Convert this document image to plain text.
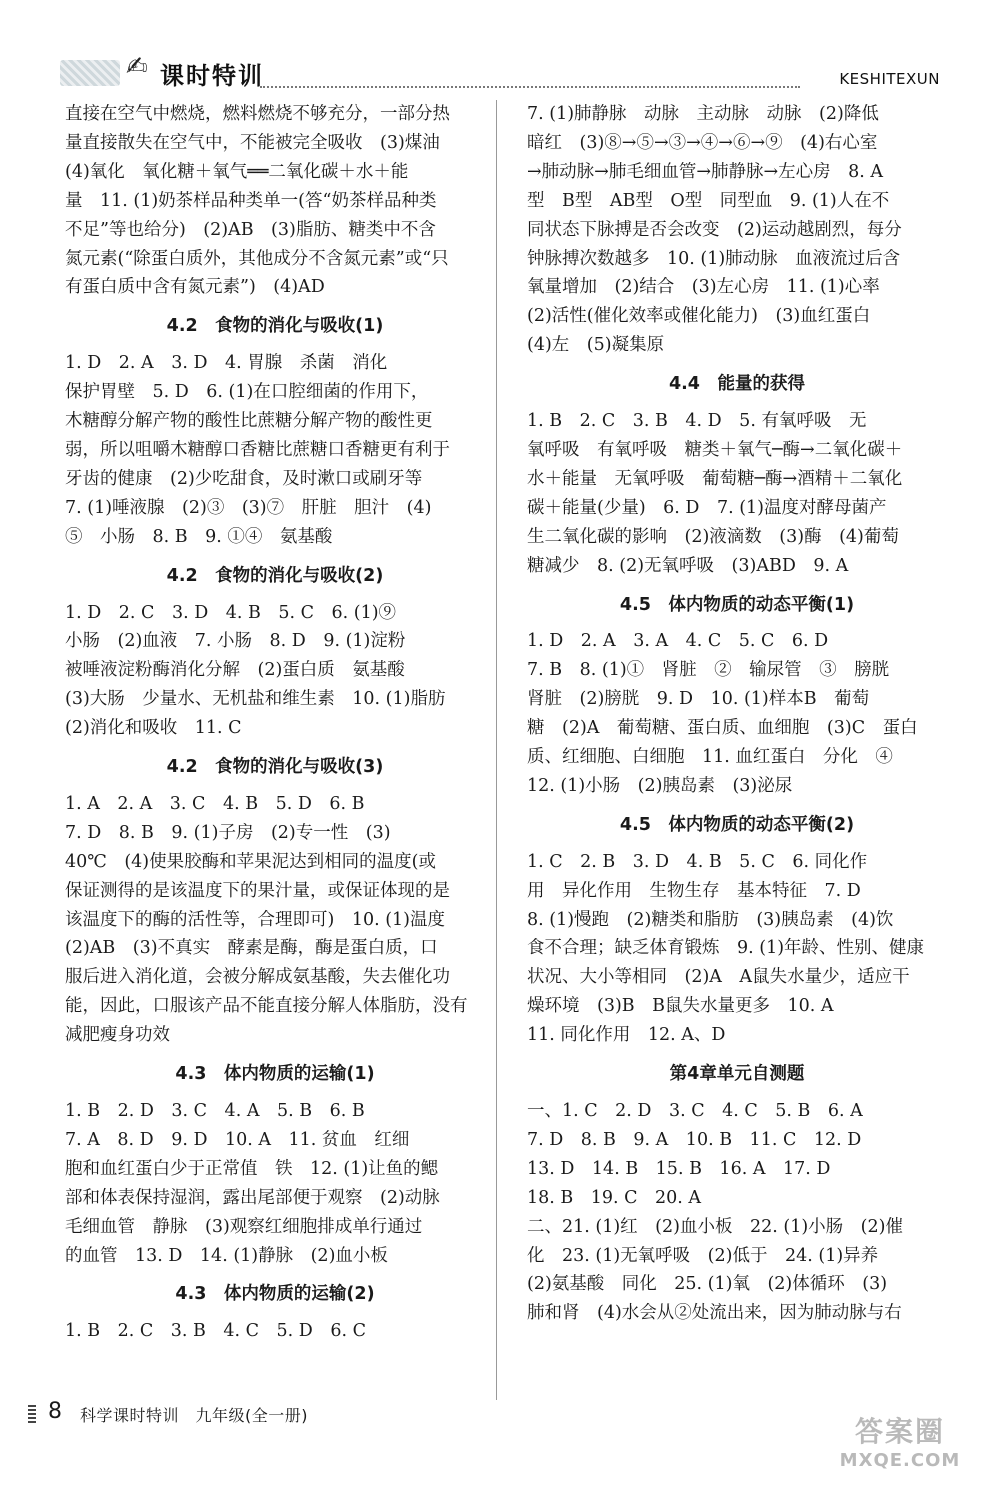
✍ 课时特训	KESHITEXUN
直接在空气中燃烧，燃料燃烧不够充分，一部分热
量直接散失在空气中，不能被完全吸收　(3)煤油
(4)氧化　氧化糖＋氧气══二氧化碳＋水＋能
量　11. (1)奶茶样品种类单一(答“奶茶样品种类
不足”等也给分)　(2)AB　(3)脂肪、糖类中不含
氮元素(“除蛋白质外，其他成分不含氮元素”或“只
有蛋白质中含有氮元素”)　(4)AD
4.2　食物的消化与吸收(1)
1. D　2. A　3. D　4. 胃腺　杀菌　消化
保护胃壁　5. D　6. (1)在口腔细菌的作用下，
木糖醇分解产物的酸性比蔗糖分解产物的酸性更
弱，所以咀嚼木糖醇口香糖比蔗糖口香糖更有利于
牙齿的健康　(2)少吃甜食，及时漱口或刷牙等
7. (1)唾液腺　(2)③　(3)⑦　肝脏　胆汁　(4)
⑤　小肠　8. B　9. ①④　氨基酸
4.2　食物的消化与吸收(2)
1. D　2. C　3. D　4. B　5. C　6. (1)⑨
小肠　(2)血液　7. 小肠　8. D　9. (1)淀粉
被唾液淀粉酶消化分解　(2)蛋白质　氨基酸
(3)大肠　少量水、无机盐和维生素　10. (1)脂肪
(2)消化和吸收　11. C
4.2　食物的消化与吸收(3)
1. A　2. A　3. C　4. B　5. D　6. B
7. D　8. B　9. (1)子房　(2)专一性　(3)
40℃　(4)使果胶酶和苹果泥达到相同的温度(或
保证测得的是该温度下的果汁量，或保证体现的是
该温度下的酶的活性等，合理即可)　10. (1)温度
(2)AB　(3)不真实　酵素是酶，酶是蛋白质，口
服后进入消化道，会被分解成氨基酸，失去催化功
能，因此，口服该产品不能直接分解人体脂肪，没有
减肥瘦身功效
4.3　体内物质的运输(1)
1. B　2. D　3. C　4. A　5. B　6. B
7. A　8. D　9. D　10. A　11. 贫血　红细
胞和血红蛋白少于正常值　铁　12. (1)让鱼的鳃
部和体表保持湿润，露出尾部便于观察　(2)动脉
毛细血管　静脉　(3)观察红细胞排成单行通过
的血管　13. D　14. (1)静脉　(2)血小板
4.3　体内物质的运输(2)
1. B　2. C　3. B　4. C　5. D　6. C
7. (1)肺静脉　动脉　主动脉　动脉　(2)降低
暗红　(3)⑧→⑤→③→④→⑥→⑨　(4)右心室
→肺动脉→肺毛细血管→肺静脉→左心房　8. A
型　B型　AB型　O型　同型血　9. (1)人在不
同状态下脉搏是否会改变　(2)运动越剧烈，每分
钟脉搏次数越多　10. (1)肺动脉　血液流过后含
氧量增加　(2)结合　(3)左心房　11. (1)心率
(2)活性(催化效率或催化能力)　(3)血红蛋白
(4)左　(5)凝集原
4.4　能量的获得
1. B　2. C　3. B　4. D　5. 有氧呼吸　无
氧呼吸　有氧呼吸　糖类＋氧气─酶→二氧化碳＋
水＋能量　无氧呼吸　葡萄糖─酶→酒精＋二氧化
碳＋能量(少量)　6. D　7. (1)温度对酵母菌产
生二氧化碳的影响　(2)液滴数　(3)酶　(4)葡萄
糖减少　8. (2)无氧呼吸　(3)ABD　9. A
4.5　体内物质的动态平衡(1)
1. D　2. A　3. A　4. C　5. C　6. D
7. B　8. (1)①　肾脏　②　输尿管　③　膀胱
肾脏　(2)膀胱　9. D　10. (1)样本B　葡萄
糖　(2)A　葡萄糖、蛋白质、血细胞　(3)C　蛋白
质、红细胞、白细胞　11. 血红蛋白　分化　④
12. (1)小肠　(2)胰岛素　(3)泌尿
4.5　体内物质的动态平衡(2)
1. C　2. B　3. D　4. B　5. C　6. 同化作
用　异化作用　生物生存　基本特征　7. D
8. (1)慢跑　(2)糖类和脂肪　(3)胰岛素　(4)饮
食不合理；缺乏体育锻炼　9. (1)年龄、性别、健康
状况、大小等相同　(2)A　A鼠失水量少，适应干
燥环境　(3)B　B鼠失水量更多　10. A
11. 同化作用　12. A、D
第4章单元自测题
一、1. C　2. D　3. C　4. C　5. B　6. A
7. D　8. B　9. A　10. B　11. C　12. D
13. D　14. B　15. B　16. A　17. D
18. B　19. C　20. A
二、21. (1)红　(2)血小板　22. (1)小肠　(2)催
化　23. (1)无氧呼吸　(2)低于　24. (1)异养
(2)氨基酸　同化　25. (1)氧　(2)体循环　(3)
肺和肾　(4)水会从②处流出来，因为肺动脉与右
8 科学课时特训　九年级(全一册)	答案圈
MXQE.COM
